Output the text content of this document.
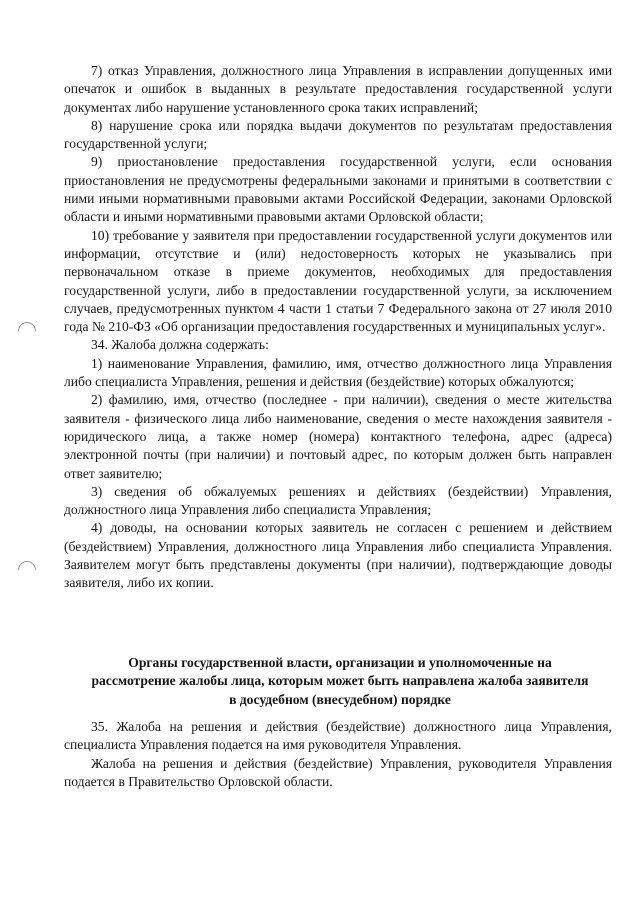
7) отказ Управления, должностного лица Управления в исправлении допущенных ими опечаток и ошибок в выданных в результате предоставления государственной услуги документах либо нарушение установленного срока таких исправлений;

8) нарушение срока или порядка выдачи документов по результатам предоставления государственной услуги;

9) приостановление предоставления государственной услуги, если основания приостановления не предусмотрены федеральными законами и принятыми в соответствии с ними иными нормативными правовыми актами Российской Федерации, законами Орловской области и иными нормативными правовыми актами Орловской области;

10) требование у заявителя при предоставлении государственной услуги документов или информации, отсутствие и (или) недостоверность которых не указывались при первоначальном отказе в приеме документов, необходимых для предоставления государственной услуги, либо в предоставлении государственной услуги, за исключением случаев, предусмотренных пунктом 4 части 1 статьи 7 Федерального закона от 27 июля 2010 года № 210-ФЗ «Об организации предоставления государственных и муниципальных услуг».

34. Жалоба должна содержать:

1) наименование Управления, фамилию, имя, отчество должностного лица Управления либо специалиста Управления, решения и действия (бездействие) которых обжалуются;

2) фамилию, имя, отчество (последнее - при наличии), сведения о месте жительства заявителя - физического лица либо наименование, сведения о месте нахождения заявителя - юридического лица, а также номер (номера) контактного телефона, адрес (адреса) электронной почты (при наличии) и почтовый адрес, по которым должен быть направлен ответ заявителю;

3) сведения об обжалуемых решениях и действиях (бездействии) Управления, должностного лица Управления либо специалиста Управления;

4) доводы, на основании которых заявитель не согласен с решением и действием (бездействием) Управления, должностного лица Управления либо специалиста Управления. Заявителем могут быть представлены документы (при наличии), подтверждающие доводы заявителя, либо их копии.

Органы государственной власти, организации и уполномоченные на рассмотрение жалобы лица, которым может быть направлена жалоба заявителя в досудебном (внесудебном) порядке

35. Жалоба на решения и действия (бездействие) должностного лица Управления, специалиста Управления подается на имя руководителя Управления.

Жалоба на решения и действия (бездействие) Управления, руководителя Управления подается в Правительство Орловской области.
